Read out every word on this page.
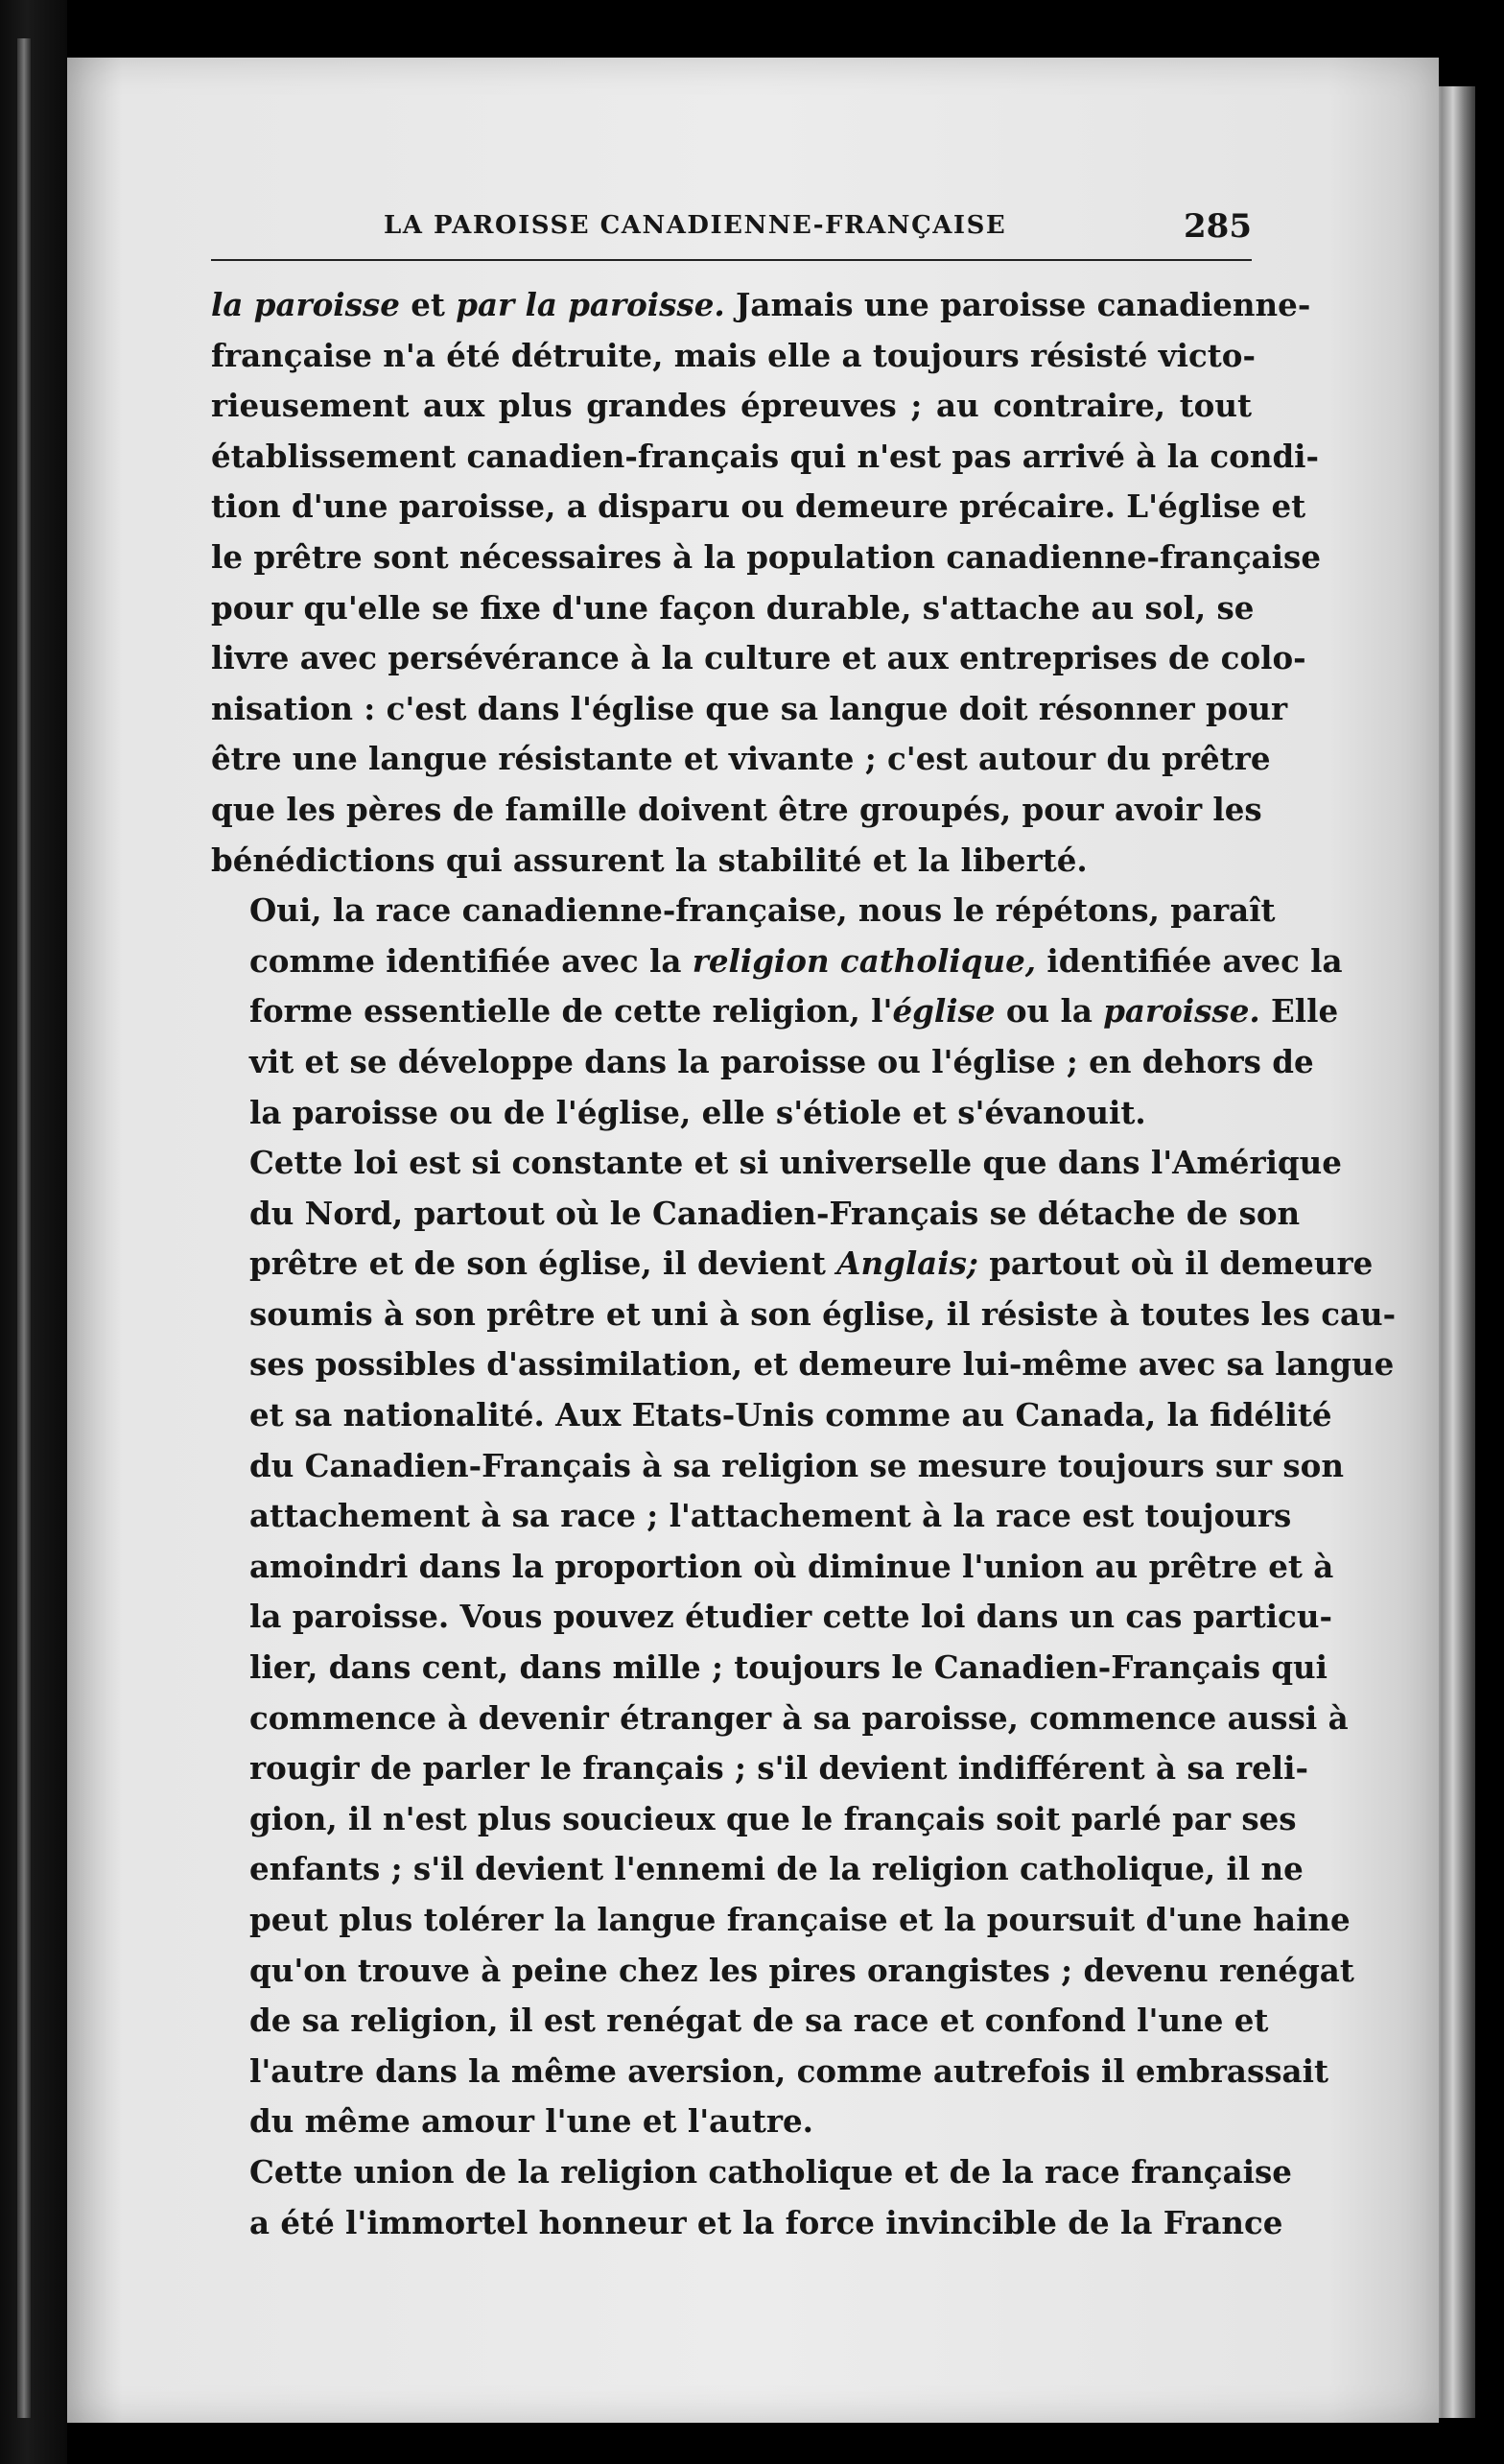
LA PAROISSE CANADIENNE-FRANÇAISE	285

la paroisse et par la paroisse. Jamais une paroisse canadienne-
française n'a été détruite, mais elle a toujours résisté victo-
rieusement aux plus grandes épreuves ; au contraire, tout
établissement canadien-français qui n'est pas arrivé à la condi-
tion d'une paroisse, a disparu ou demeure précaire. L'église et
le prêtre sont nécessaires à la population canadienne-française
pour qu'elle se fixe d'une façon durable, s'attache au sol, se
livre avec persévérance à la culture et aux entreprises de colo-
nisation : c'est dans l'église que sa langue doit résonner pour
être une langue résistante et vivante ; c'est autour du prêtre
que les pères de famille doivent être groupés, pour avoir les
bénédictions qui assurent la stabilité et la liberté.

Oui, la race canadienne-française, nous le répétons, paraît
comme identifiée avec la religion catholique, identifiée avec la
forme essentielle de cette religion, l'église ou la paroisse. Elle
vit et se développe dans la paroisse ou l'église ; en dehors de
la paroisse ou de l'église, elle s'étiole et s'évanouit.

Cette loi est si constante et si universelle que dans l'Amérique
du Nord, partout où le Canadien-Français se détache de son
prêtre et de son église, il devient Anglais; partout où il demeure
soumis à son prêtre et uni à son église, il résiste à toutes les cau-
ses possibles d'assimilation, et demeure lui-même avec sa langue
et sa nationalité. Aux Etats-Unis comme au Canada, la fidélité
du Canadien-Français à sa religion se mesure toujours sur son
attachement à sa race ; l'attachement à la race est toujours
amoindri dans la proportion où diminue l'union au prêtre et à
la paroisse. Vous pouvez étudier cette loi dans un cas particu-
lier, dans cent, dans mille ; toujours le Canadien-Français qui
commence à devenir étranger à sa paroisse, commence aussi à
rougir de parler le français ; s'il devient indifférent à sa reli-
gion, il n'est plus soucieux que le français soit parlé par ses
enfants ; s'il devient l'ennemi de la religion catholique, il ne
peut plus tolérer la langue française et la poursuit d'une haine
qu'on trouve à peine chez les pires orangistes ; devenu renégat
de sa religion, il est renégat de sa race et confond l'une et
l'autre dans la même aversion, comme autrefois il embrassait
du même amour l'une et l'autre.

Cette union de la religion catholique et de la race française
a été l'immortel honneur et la force invincible de la France
